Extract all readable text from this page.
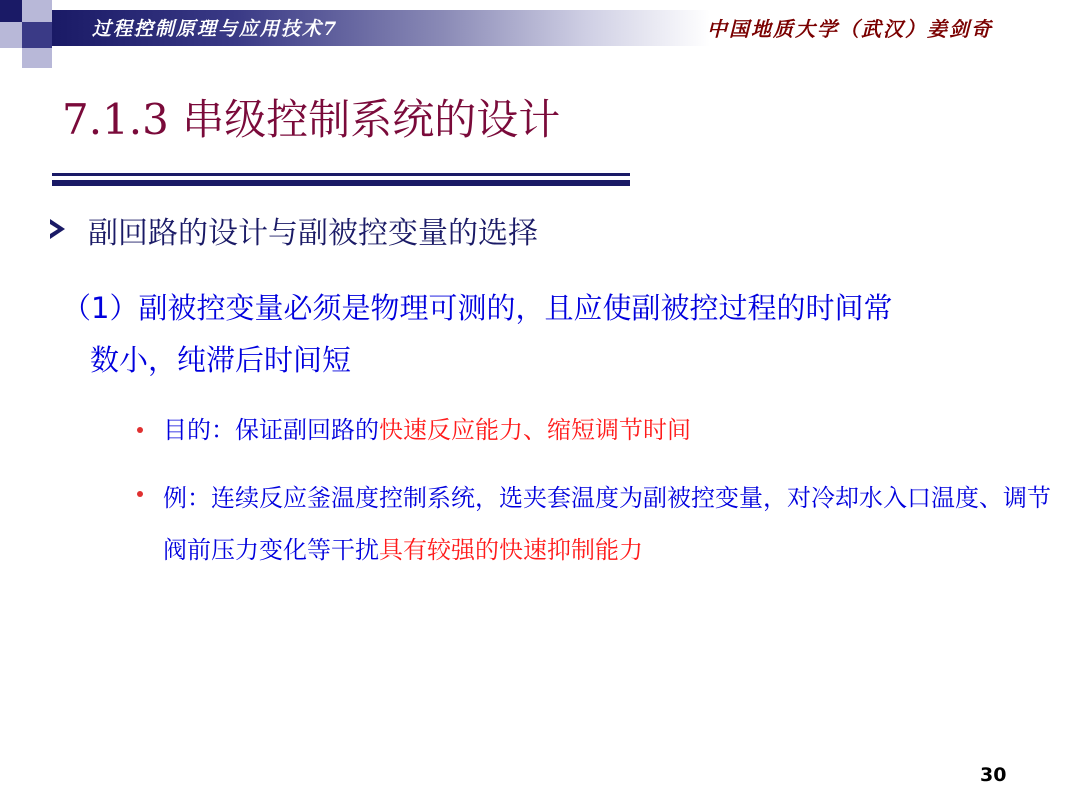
过程控制原理与应用技术7	中国地质大学（武汉）姜剑奇
7.1.3 串级控制系统的设计
副回路的设计与副被控变量的选择
（1）副被控变量必须是物理可测的，且应使副被控过程的时间常
数小，纯滞后时间短
目的：保证副回路的快速反应能力、缩短调节时间
例：连续反应釜温度控制系统，选夹套温度为副被控变量，对冷却水入口温度、调节阀前压力变化等干扰具有较强的快速抑制能力
30
